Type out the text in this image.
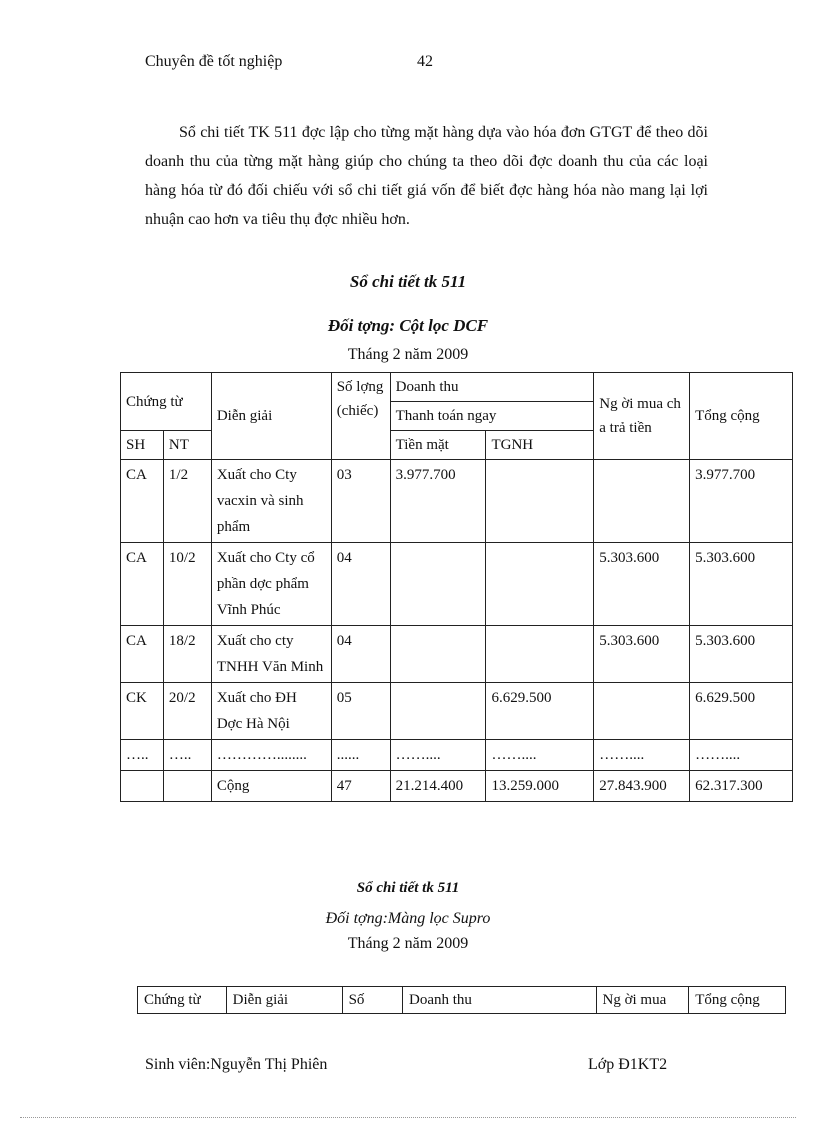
Chuyên đề tốt nghiệp	42

Sổ chi tiết TK 511 đợc lập cho từng mặt hàng dựa vào hóa đơn GTGT để theo dõi doanh thu của từng mặt hàng giúp cho chúng ta theo dõi đợc doanh thu của các loại hàng hóa từ đó đối chiếu với sổ chi tiết giá vốn để biết đợc hàng hóa nào mang lại lợi nhuận cao hơn va tiêu thụ đợc nhiều hơn.

Sổ chi tiết tk 511
Đối tợng: Cột lọc DCF
Tháng 2 năm 2009
Chứng từ		Diễn giải	Số lợng (chiếc)	Doanh thu		Ng ời mua ch a trả tiền	Tổng cộng
				Thanh toán ngay			
SH	NT			Tiền mặt	TGNH		
CA	1/2	Xuất cho Cty vacxin và sinh phẩm	03	3.977.700			3.977.700
CA	10/2	Xuất cho Cty cổ phần dợc phẩm Vĩnh Phúc	04			5.303.600	5.303.600
CA	18/2	Xuất cho cty TNHH Văn Minh	04			5.303.600	5.303.600
CK	20/2	Xuất cho ĐH Dợc Hà Nội	05		6.629.500		6.629.500
…..	…..	…………........	......	……....	……....	……....	……....
		Cộng	47	21.214.400	13.259.000	27.843.900	62.317.300
Sổ chi tiết tk 511
Đối tợng:Màng lọc Supro
Tháng 2 năm 2009
Chứng từ	Diễn giải	Số	Doanh thu	Ng ời mua	Tổng cộng
Sinh viên:Nguyễn Thị Phiên	Lớp Đ1KT2
